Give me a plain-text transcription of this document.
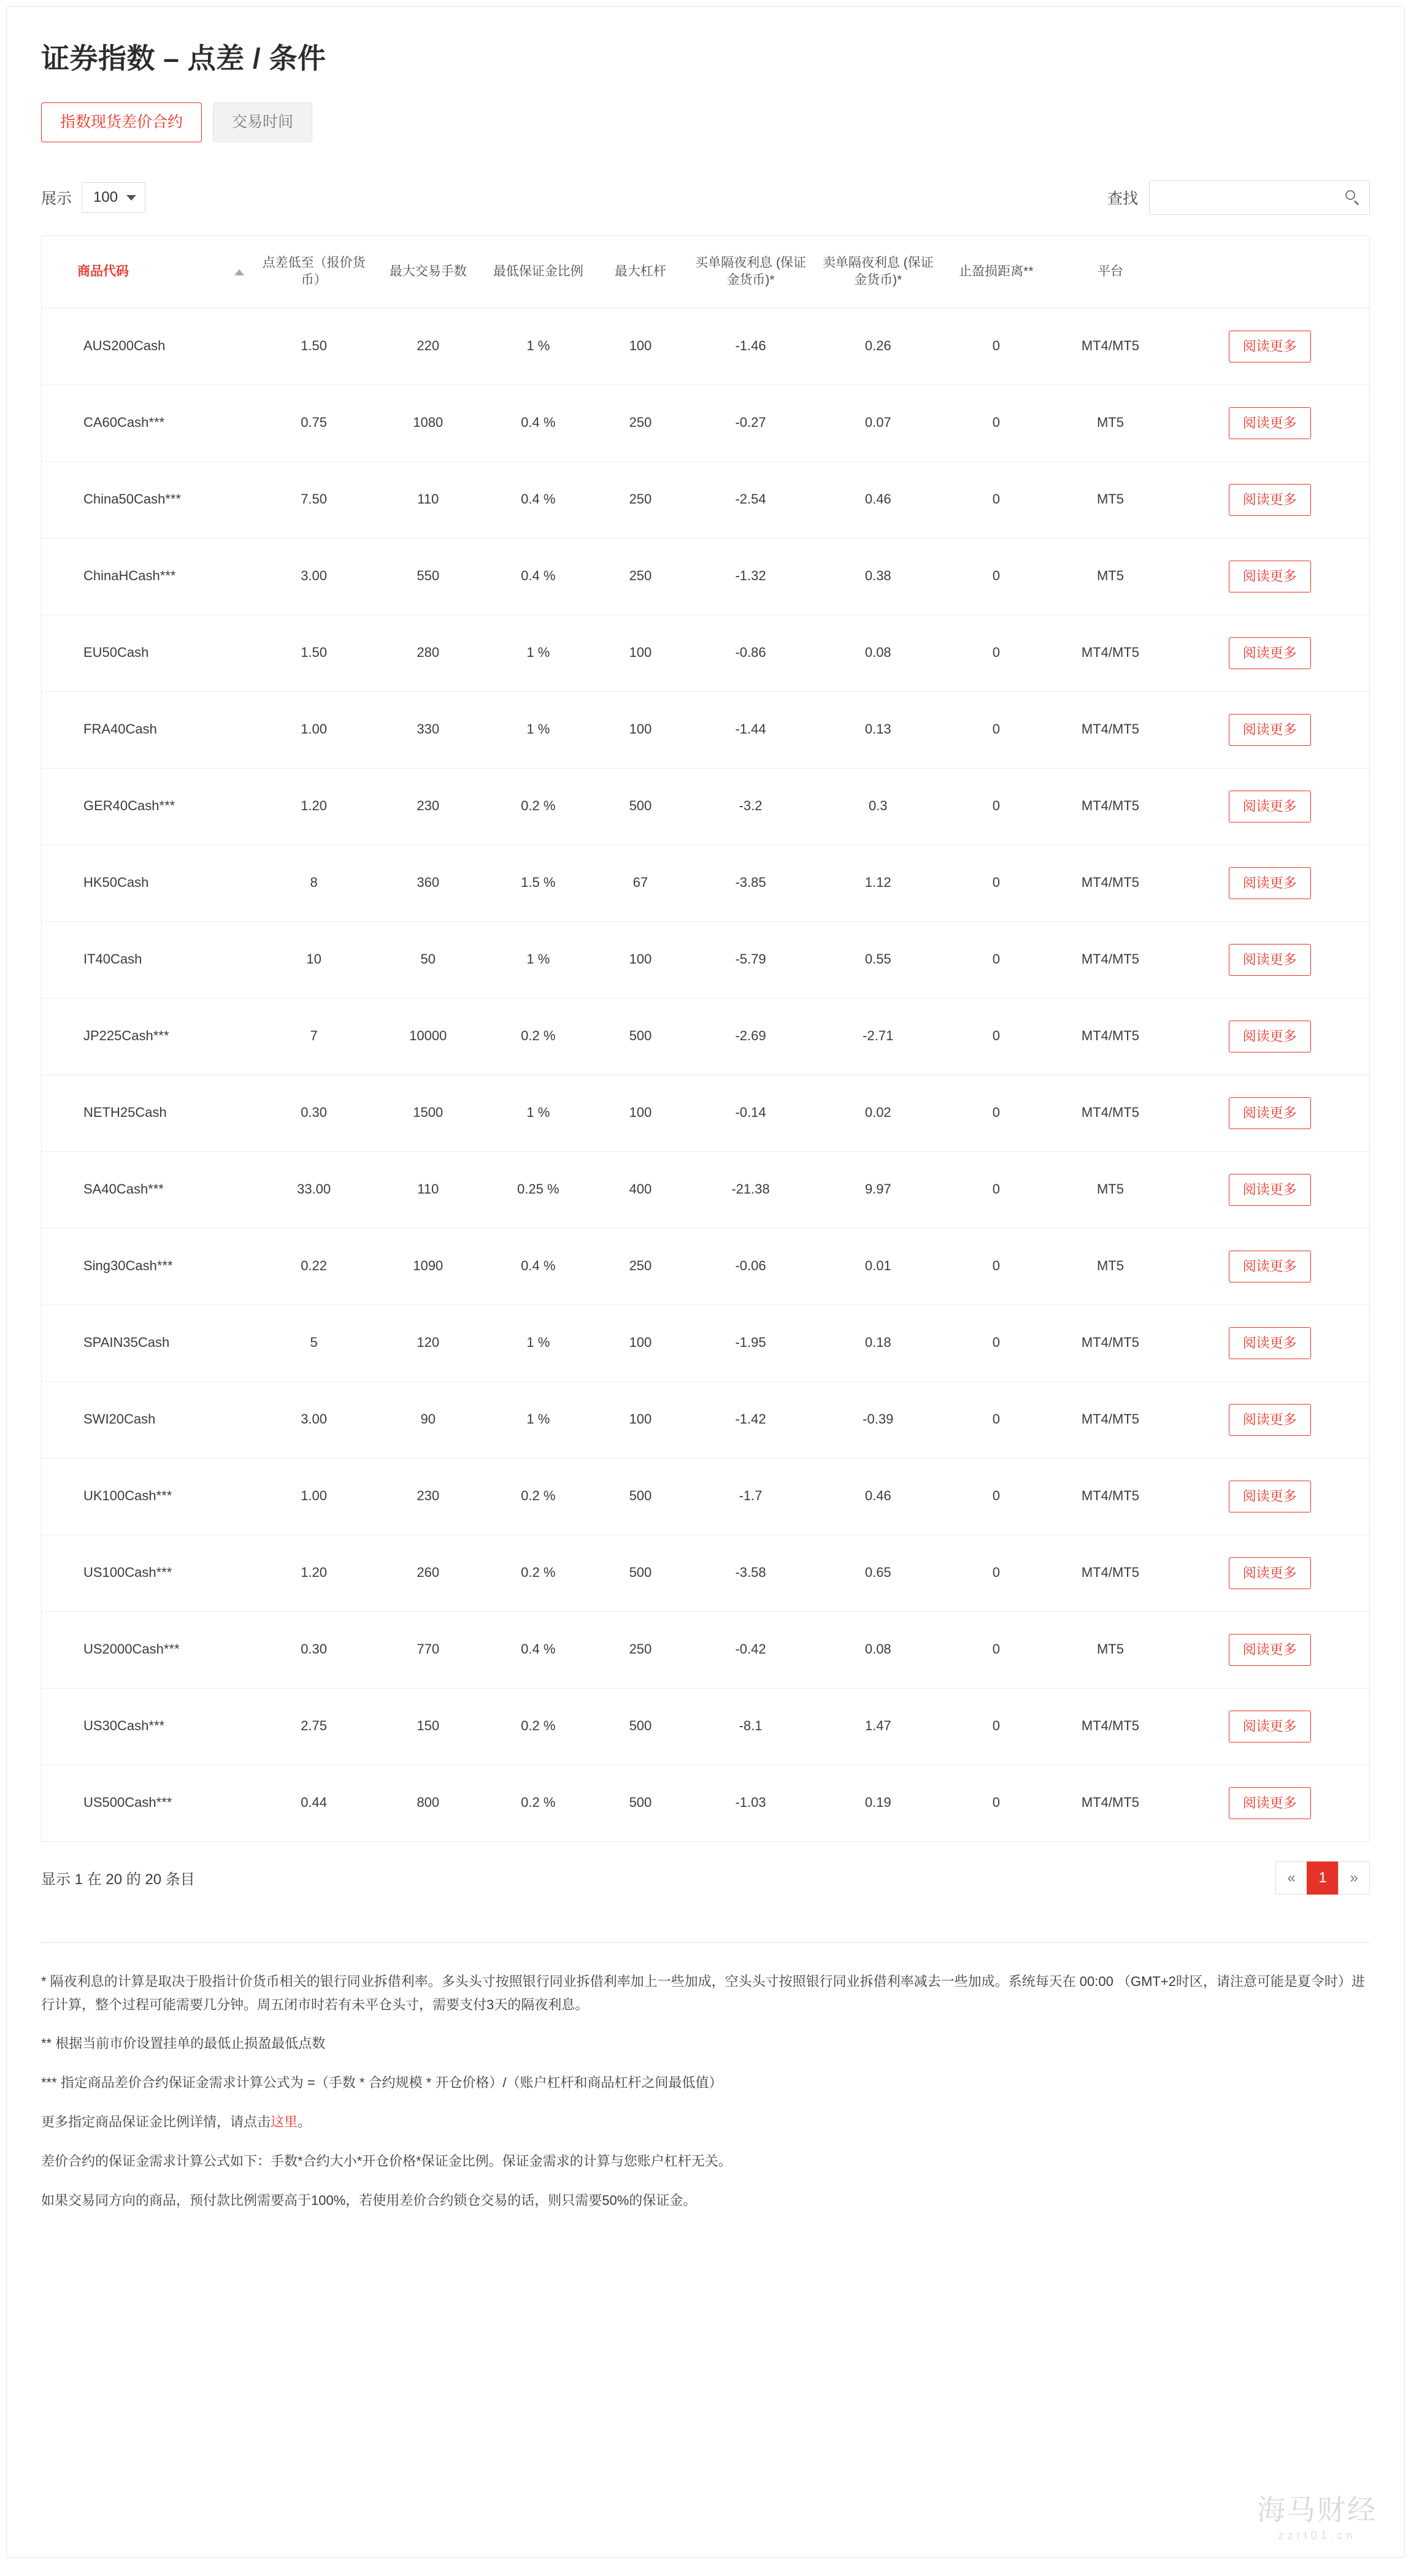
证券指数 – 点差 / 条件
指数现货差价合约	交易时间
展示 100	查找
商品代码	点差低至（报价货币）	最大交易手数	最低保证金比例	最大杠杆	买单隔夜利息 (保证金货币)*	卖单隔夜利息 (保证金货币)*	止盈损距离**	平台	
AUS200Cash	1.50	220	1 %	100	-1.46	0.26	0	MT4/MT5	阅读更多
CA60Cash***	0.75	1080	0.4 %	250	-0.27	0.07	0	MT5	阅读更多
China50Cash***	7.50	110	0.4 %	250	-2.54	0.46	0	MT5	阅读更多
ChinaHCash***	3.00	550	0.4 %	250	-1.32	0.38	0	MT5	阅读更多
EU50Cash	1.50	280	1 %	100	-0.86	0.08	0	MT4/MT5	阅读更多
FRA40Cash	1.00	330	1 %	100	-1.44	0.13	0	MT4/MT5	阅读更多
GER40Cash***	1.20	230	0.2 %	500	-3.2	0.3	0	MT4/MT5	阅读更多
HK50Cash	8	360	1.5 %	67	-3.85	1.12	0	MT4/MT5	阅读更多
IT40Cash	10	50	1 %	100	-5.79	0.55	0	MT4/MT5	阅读更多
JP225Cash***	7	10000	0.2 %	500	-2.69	-2.71	0	MT4/MT5	阅读更多
NETH25Cash	0.30	1500	1 %	100	-0.14	0.02	0	MT4/MT5	阅读更多
SA40Cash***	33.00	110	0.25 %	400	-21.38	9.97	0	MT5	阅读更多
Sing30Cash***	0.22	1090	0.4 %	250	-0.06	0.01	0	MT5	阅读更多
SPAIN35Cash	5	120	1 %	100	-1.95	0.18	0	MT4/MT5	阅读更多
SWI20Cash	3.00	90	1 %	100	-1.42	-0.39	0	MT4/MT5	阅读更多
UK100Cash***	1.00	230	0.2 %	500	-1.7	0.46	0	MT4/MT5	阅读更多
US100Cash***	1.20	260	0.2 %	500	-3.58	0.65	0	MT4/MT5	阅读更多
US2000Cash***	0.30	770	0.4 %	250	-0.42	0.08	0	MT5	阅读更多
US30Cash***	2.75	150	0.2 %	500	-8.1	1.47	0	MT4/MT5	阅读更多
US500Cash***	0.44	800	0.2 %	500	-1.03	0.19	0	MT4/MT5	阅读更多
显示 1 在 20 的 20 条目	«	1	»

* 隔夜利息的计算是取决于股指计价货币相关的银行同业拆借利率。多头头寸按照银行同业拆借利率加上一些加成，空头头寸按照银行同业拆借利率减去一些加成。系统每天在 00:00 （GMT+2时区，请注意可能是夏令时）进行计算，整个过程可能需要几分钟。周五闭市时若有未平仓头寸，需要支付3天的隔夜利息。

** 根据当前市价设置挂单的最低止损盈最低点数

*** 指定商品差价合约保证金需求计算公式为 =（手数 * 合约规模 * 开仓价格）/（账户杠杆和商品杠杆之间最低值）

更多指定商品保证金比例详情，请点击这里。

差价合约的保证金需求计算公式如下：手数*合约大小*开仓价格*保证金比例。保证金需求的计算与您账户杠杆无关。

如果交易同方向的商品，预付款比例需要高于100%，若使用差价合约锁仓交易的话，则只需要50%的保证金。

海马财经
zzrt01.cn
